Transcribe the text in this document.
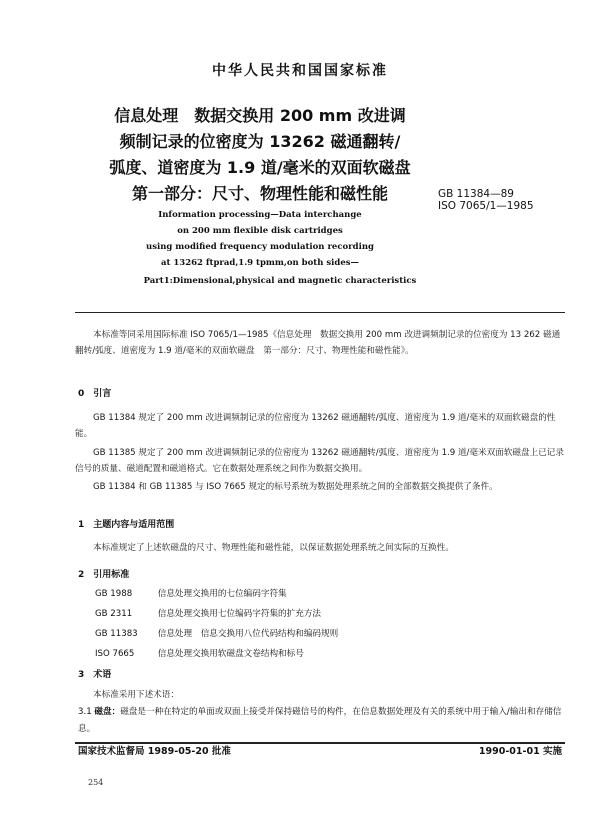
中华人民共和国国家标准
信息处理　数据交换用 200 mm 改进调
频制记录的位密度为 13262 磁通翻转/
弧度、道密度为 1.9 道/毫米的双面软磁盘
第一部分：尺寸、物理性能和磁性能	GB 11384—89
ISO 7065/1—1985
Information processing—Data interchange
on 200 mm flexible disk cartridges
using modified frequency modulation recording
at 13262 ftprad,1.9 tpmm,on both sides—
Part1:Dimensional,physical and magnetic characteristics
本标准等同采用国际标准 ISO 7065/1—1985《信息处理　数据交换用 200 mm 改进调频制记录的位密度为 13 262 磁通翻转/弧度、道密度为 1.9 道/毫米的双面软磁盘　第一部分：尺寸、物理性能和磁性能》。
0　引言
GB 11384 规定了 200 mm 改进调频制记录的位密度为 13262 磁通翻转/弧度、道密度为 1.9 道/毫米的双面软磁盘的性能。
GB 11385 规定了 200 mm 改进调频制记录的位密度为 13262 磁通翻转/弧度、道密度为 1.9 道/毫米双面软磁盘上已记录信号的质量、磁道配置和磁道格式。它在数据处理系统之间作为数据交换用。
GB 11384 和 GB 11385 与 ISO 7665 规定的标号系统为数据处理系统之间的全部数据交换提供了条件。
1　主题内容与适用范围
本标准规定了上述软磁盘的尺寸、物理性能和磁性能，以保证数据处理系统之间实际的互换性。
2　引用标准
GB 1988	信息处理交换用的七位编码字符集
GB 2311	信息处理交换用七位编码字符集的扩充方法
GB 11383 信息处理　信息交换用八位代码结构和编码规则
ISO 7665	信息处理交换用软磁盘文卷结构和标号
3　术语
本标准采用下述术语：
3.1 磁盘：磁盘是一种在特定的单面或双面上接受并保持磁信号的构件，在信息数据处理及有关的系统中用于输入/输出和存储信息。
国家技术监督局 1989-05-20 批准	1990-01-01 实施
254
